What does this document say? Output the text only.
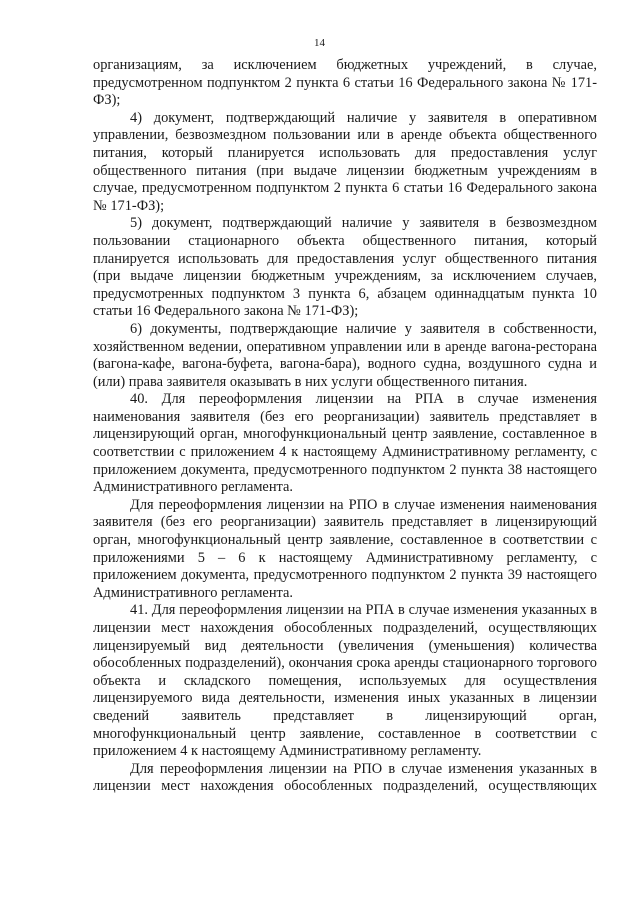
14

организациям, за исключением бюджетных учреждений, в случае, предусмотренном подпунктом 2 пункта 6 статьи 16 Федерального закона № 171-ФЗ);

4) документ, подтверждающий наличие у заявителя в оперативном управлении, безвозмездном пользовании или в аренде объекта общественного питания, который планируется использовать для предоставления услуг общественного питания (при выдаче лицензии бюджетным учреждениям в случае, предусмотренном подпунктом 2 пункта 6 статьи 16 Федерального закона № 171-ФЗ);

5) документ, подтверждающий наличие у заявителя в безвозмездном пользовании стационарного объекта общественного питания, который планируется использовать для предоставления услуг общественного питания (при выдаче лицензии бюджетным учреждениям, за исключением случаев, предусмотренных подпунктом 3 пункта 6, абзацем одиннадцатым пункта 10 статьи 16 Федерального закона № 171-ФЗ);

6) документы, подтверждающие наличие у заявителя в собственности, хозяйственном ведении, оперативном управлении или в аренде вагона-ресторана (вагона-кафе, вагона-буфета, вагона-бара), водного судна, воздушного судна и (или) права заявителя оказывать в них услуги общественного питания.

40. Для переоформления лицензии на РПА в случае изменения наименования заявителя (без его реорганизации) заявитель представляет в лицензирующий орган, многофункциональный центр заявление, составленное в соответствии с приложением 4 к настоящему Административному регламенту, с приложением документа, предусмотренного подпунктом 2 пункта 38 настоящего Административного регламента.

Для переоформления лицензии на РПО в случае изменения наименования заявителя (без его реорганизации) заявитель представляет в лицензирующий орган, многофункциональный центр заявление, составленное в соответствии с приложениями 5 – 6 к настоящему Административному регламенту, с приложением документа, предусмотренного подпунктом 2 пункта 39 настоящего Административного регламента.

41. Для переоформления лицензии на РПА в случае изменения указанных в лицензии мест нахождения обособленных подразделений, осуществляющих лицензируемый вид деятельности (увеличения (уменьшения) количества обособленных подразделений), окончания срока аренды стационарного торгового объекта и складского помещения, используемых для осуществления лицензируемого вида деятельности, изменения иных указанных в лицензии сведений заявитель представляет в лицензирующий орган, многофункциональный центр заявление, составленное в соответствии с приложением 4 к настоящему Административному регламенту.

Для переоформления лицензии на РПО в случае изменения указанных в лицензии мест нахождения обособленных подразделений, осуществляющих
